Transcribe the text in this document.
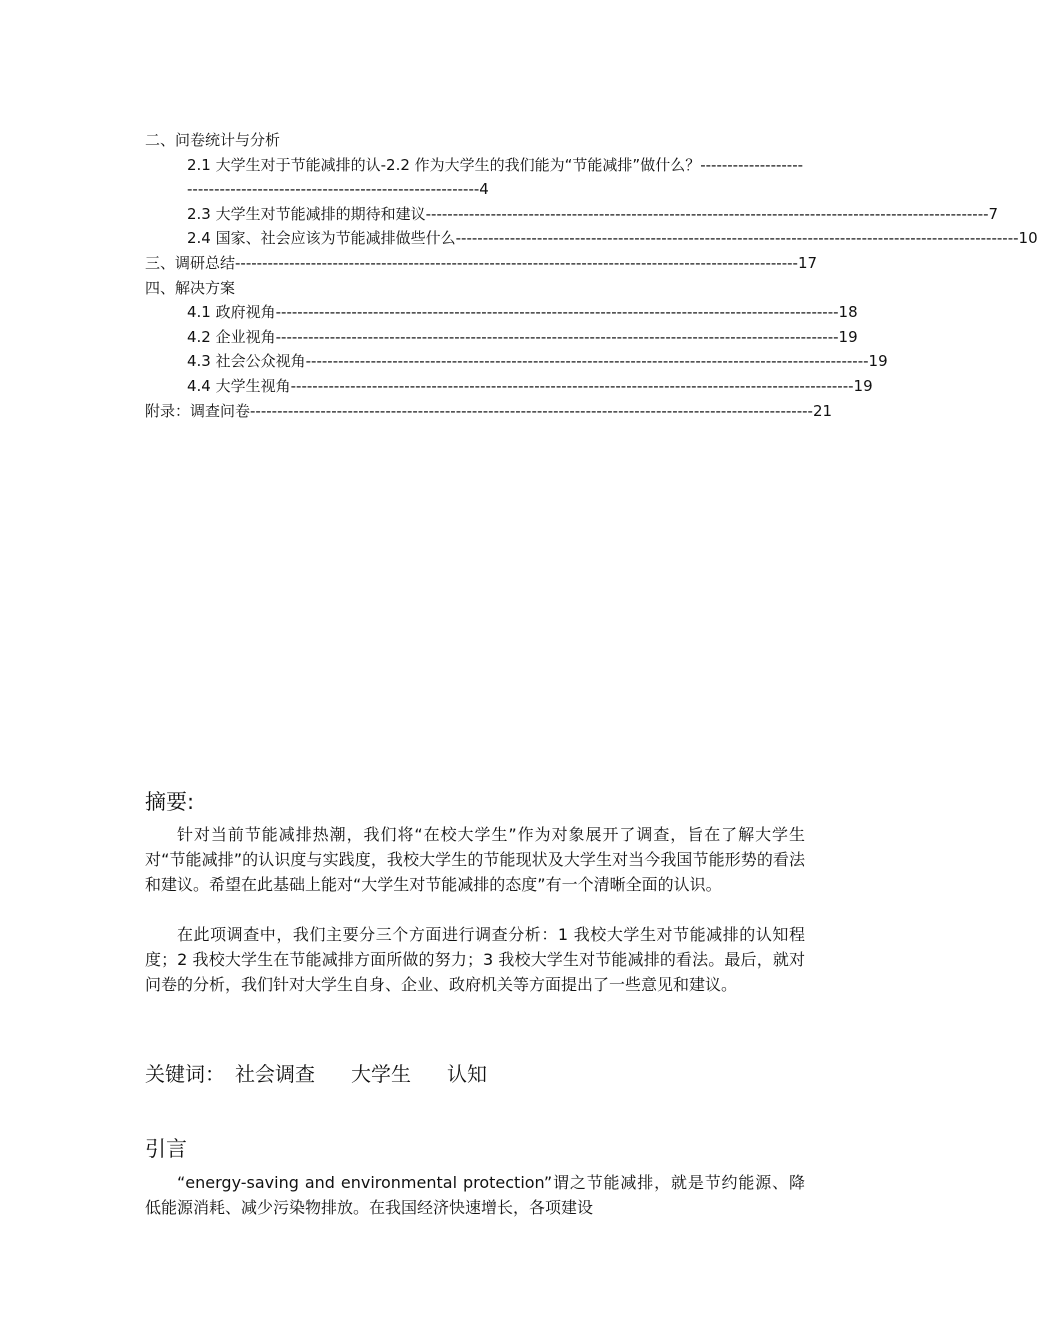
二、问卷统计与分析
2.1 大学生对于节能减排的认-2.2 作为大学生的我们能为“节能减排”做什么？-------------------------------------------------------------------------4
2.3 大学生对节能减排的期待和建议 -------------------------------------------------------------------------------------------------------- 7
2.4 国家、社会应该为节能减排做些什么 -------------------------------------------------------------------------------------------------------- 10
三、调研总结 -------------------------------------------------------------------------------------------------------- 17
四、解决方案
4.1 政府视角 -------------------------------------------------------------------------------------------------------- 18
4.2 企业视角 -------------------------------------------------------------------------------------------------------- 19
4.3 社会公众视角 -------------------------------------------------------------------------------------------------------- 19
4.4 大学生视角 -------------------------------------------------------------------------------------------------------- 19
附录：调查问卷 -------------------------------------------------------------------------------------------------------- 21
摘要:
针对当前节能减排热潮，我们将“在校大学生”作为对象展开了调查，旨在了解大学生对“节能减排”的认识度与实践度，我校大学生的节能现状及大学生对当今我国节能形势的看法和建议。希望在此基础上能对“大学生对节能减排的态度”有一个清晰全面的认识。
在此项调查中，我们主要分三个方面进行调查分析：1 我校大学生对节能减排的认知程度；2 我校大学生在节能减排方面所做的努力；3 我校大学生对节能减排的看法。最后，就对问卷的分析，我们针对大学生自身、企业、政府机关等方面提出了一些意见和建议。
关键词： 社会调查 大学生 认知
引言
“energy-saving and environmental protection”谓之节能减排，就是节约能源、降低能源消耗、减少污染物排放。在我国经济快速增长，各项建设
